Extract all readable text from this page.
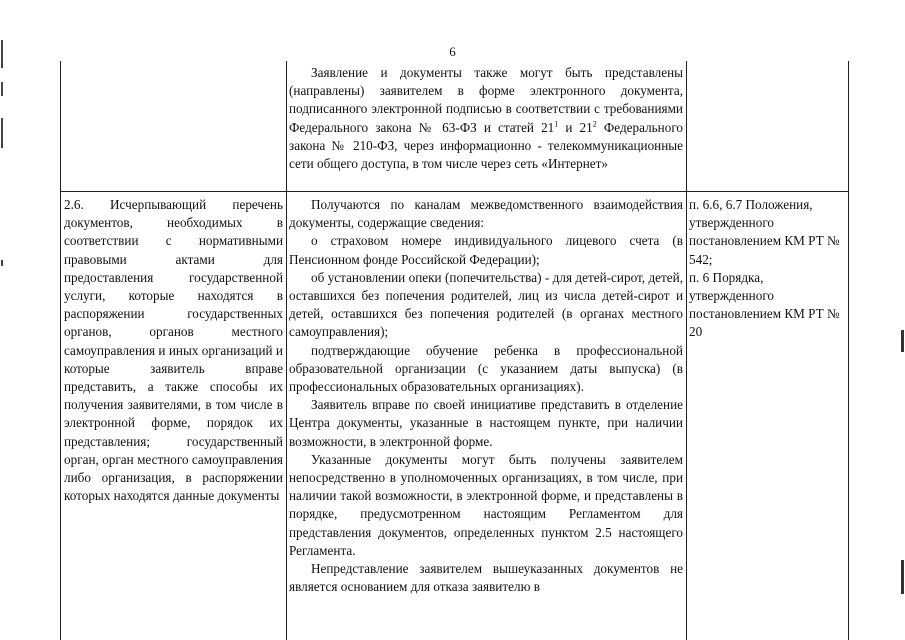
6

Заявление и документы также могут быть представлены (направлены) заявителем в форме электронного документа, подписанного электронной подписью в соответствии с требованиями Федерального закона № 63-ФЗ и статей $21^1$ и $21^2$ Федерального закона № 210-ФЗ, через информационно - телекоммуникационные сети общего доступа, в том числе через сеть «Интернет»

2.6. Исчерпывающий перечень документов, необходимых в соответствии с нормативными правовыми актами для предоставления государственной услуги, которые находятся в распоряжении государственных органов, органов местного самоуправления и иных организаций и которые заявитель вправе представить, а также способы их получения заявителями, в том числе в электронной форме, порядок их представления; государственный орган, орган местного самоуправления либо организация, в распоряжении которых находятся данные документы

Получаются по каналам межведомственного взаимодействия документы, содержащие сведения:

о страховом номере индивидуального лицевого счета (в Пенсионном фонде Российской Федерации);

об установлении опеки (попечительства) - для детей-сирот, детей, оставшихся без попечения родителей, лиц из числа детей-сирот и детей, оставшихся без попечения родителей (в органах местного самоуправления);

подтверждающие обучение ребенка в профессиональной образовательной организации (с указанием даты выпуска) (в профессиональных образовательных организациях).

Заявитель вправе по своей инициативе представить в отделение Центра документы, указанные в настоящем пункте, при наличии возможности, в электронной форме.

Указанные документы могут быть получены заявителем непосредственно в уполномоченных организациях, в том числе, при наличии такой возможности, в электронной форме, и представлены в порядке, предусмотренном настоящим Регламентом для представления документов, определенных пунктом 2.5 настоящего Регламента.

Непредставление заявителем вышеуказанных документов не является основанием для отказа заявителю в

п. 6.6, 6.7 Положения, утвержденного постановлением КМ РТ № 542;
п. 6 Порядка, утвержденного постановлением КМ РТ № 20
